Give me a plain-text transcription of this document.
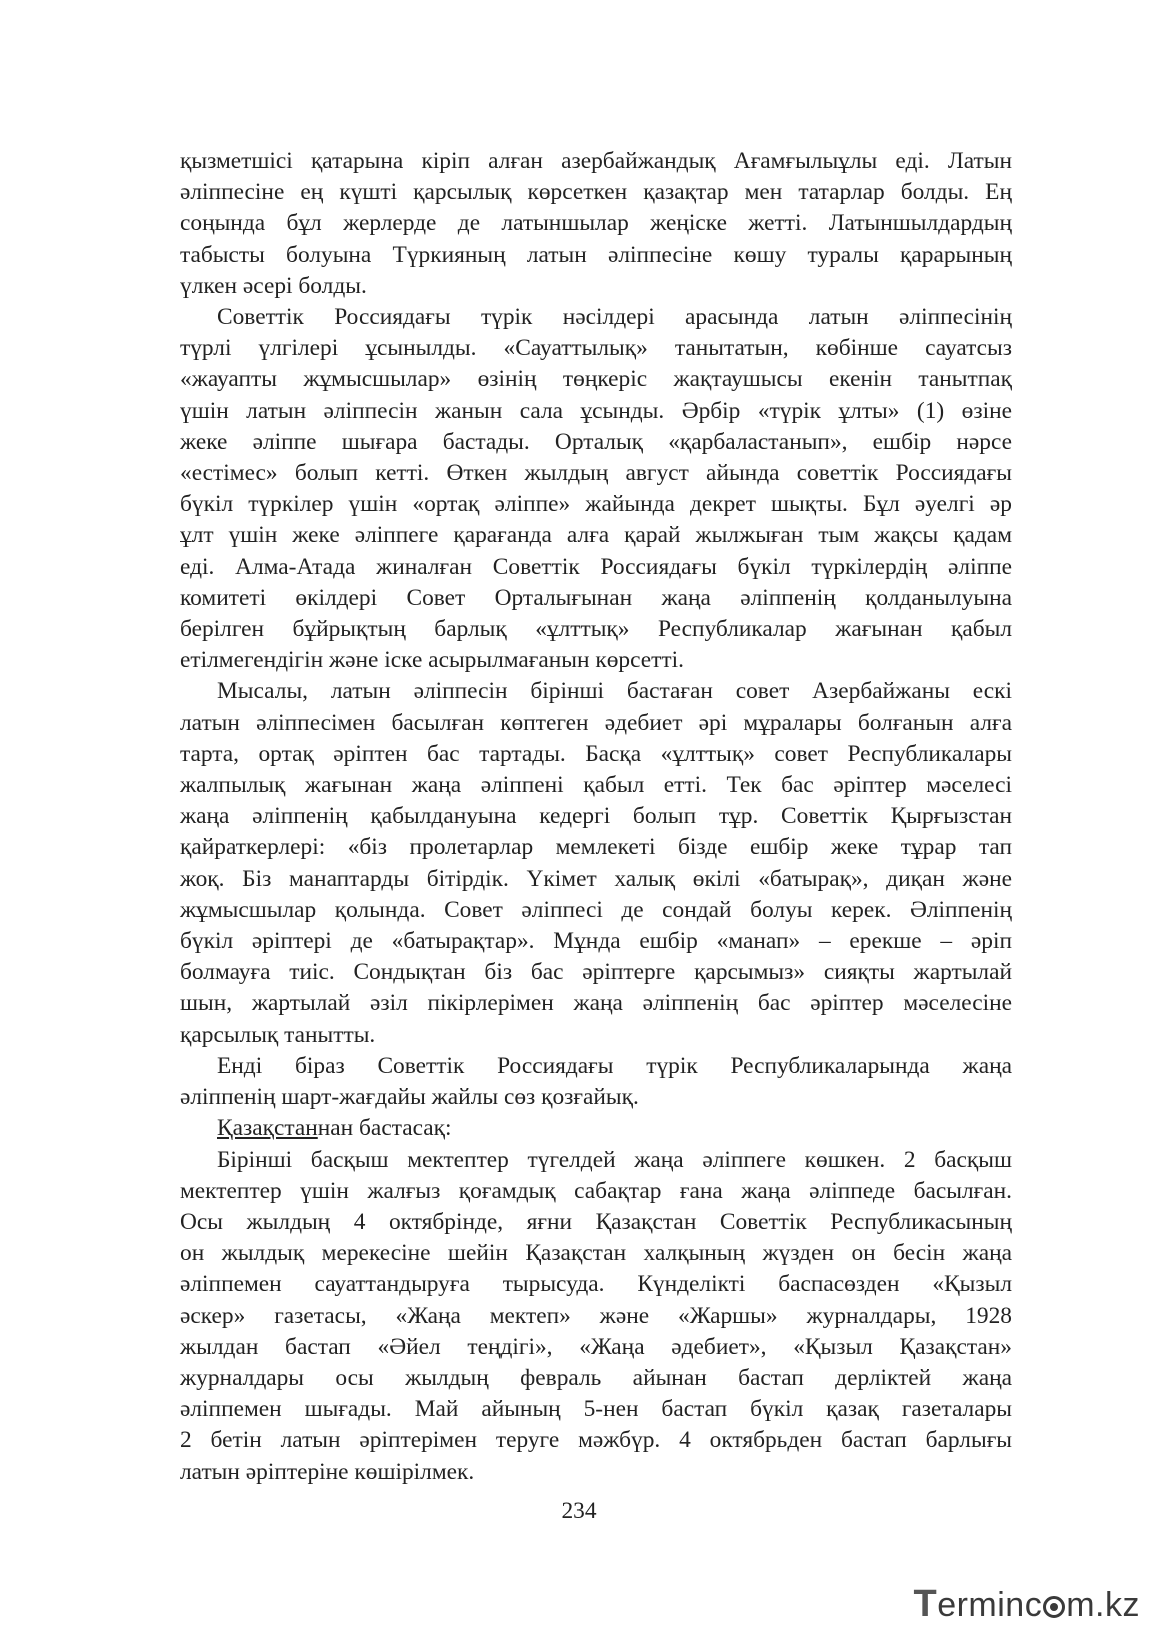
қызметшісі қатарына кіріп алған азербайжандық Ағамғылыұлы еді. Латын
әліппесіне ең күшті қарсылық көрсеткен қазақтар мен татарлар болды. Ең
соңында бұл жерлерде де латыншылар жеңіске жетті. Латыншылдардың
табысты болуына Түркияның латын әліппесіне көшу туралы қарарының
үлкен әсері болды.

Советтік Россиядағы түрік нәсілдері арасында латын әліппесінің
түрлі үлгілері ұсынылды. «Сауаттылық» танытатын, көбінше сауатсыз
«жауапты жұмысшылар» өзінің төңкеріс жақтаушысы екенін танытпақ
үшін латын әліппесін жанын сала ұсынды. Әрбір «түрік ұлты» (1) өзіне
жеке әліппе шығара бастады. Орталық «қарбаластанып», ешбір нәрсе
«естімес» болып кетті. Өткен жылдың август айында советтік Россиядағы
бүкіл түркілер үшін «ортақ әліппе» жайында декрет шықты. Бұл әуелгі әр
ұлт үшін жеке әліппеге қарағанда алға қарай жылжыған тым жақсы қадам
еді. Алма-Атада жиналған Советтік Россиядағы бүкіл түркілердің әліппе
комитеті өкілдері Совет Орталығынан жаңа әліппенің қолданылуына
берілген бұйрықтың барлық «ұлттық» Республикалар жағынан қабыл
етілмегендігін және іске асырылмағанын көрсетті.

Мысалы, латын әліппесін бірінші бастаған совет Азербайжаны ескі
латын әліппесімен басылған көптеген әдебиет әрі мұралары болғанын алға
тарта, ортақ әріптен бас тартады. Басқа «ұлттық» совет Республикалары
жалпылық жағынан жаңа әліппені қабыл етті. Тек бас әріптер мәселесі
жаңа әліппенің қабылдануына кедергі болып тұр. Советтік Қырғызстан
қайраткерлері: «біз пролетарлар мемлекеті бізде ешбір жеке тұрар тап
жоқ. Біз манаптарды бітірдік. Үкімет халық өкілі «батырақ», диқан және
жұмысшылар қолында. Совет әліппесі де сондай болуы керек. Әліппенің
бүкіл әріптері де «батырақтар». Мұнда ешбір «манап» – ерекше – әріп
болмауға тиіс. Сондықтан біз бас әріптерге қарсымыз» сияқты жартылай
шын, жартылай әзіл пікірлерімен жаңа әліппенің бас әріптер мәселесіне
қарсылық танытты.

Енді біраз Советтік Россиядағы түрік Республикаларында жаңа
әліппенің шарт-жағдайы жайлы сөз қозғайық.

Қазақстаннан бастасақ:

Бірінші басқыш мектептер түгелдей жаңа әліппеге көшкен. 2 басқыш
мектептер үшін жалғыз қоғамдық сабақтар ғана жаңа әліппеде басылған.
Осы жылдың 4 октябрінде, яғни Қазақстан Советтік Республикасының
он жылдық мерекесіне шейін Қазақстан халқының жүзден он бесін жаңа
әліппемен сауаттандыруға тырысуда. Күнделікті баспасөзден «Қызыл
әскер» газетасы, «Жаңа мектеп» және «Жаршы» журналдары, 1928
жылдан бастап «Әйел теңдігі», «Жаңа әдебиет», «Қызыл Қазақстан»
журналдары осы жылдың февраль айынан бастап дерліктей жаңа
әліппемен шығады. Май айының 5-нен бастап бүкіл қазақ газеталары
2 бетін латын әріптерімен теруге мәжбүр. 4 октябрьден бастап барлығы
латын әріптеріне көшірілмек.

234
Terminc m.kz
